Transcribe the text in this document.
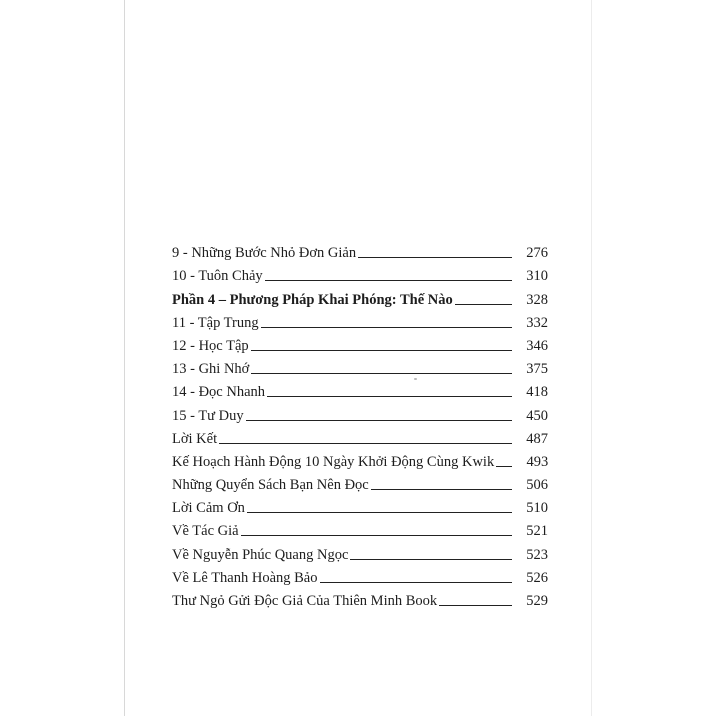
9 - Những Bước Nhỏ Đơn Giản	276
10 - Tuôn Chảy	310
Phần 4 – Phương Pháp Khai Phóng: Thế Nào	328
11 - Tập Trung	332
12 - Học Tập	346
13 - Ghi Nhớ	375
14 - Đọc Nhanh	418
15 - Tư Duy	450
Lời Kết	487
Kế Hoạch Hành Động 10 Ngày Khởi Động Cùng Kwik	493
Những Quyển Sách Bạn Nên Đọc	506
Lời Cảm Ơn	510
Về Tác Giả	521
Về Nguyễn Phúc Quang Ngọc	523
Về Lê Thanh Hoàng Bảo	526
Thư Ngỏ Gửi Độc Giả Của Thiên Minh Book	529
